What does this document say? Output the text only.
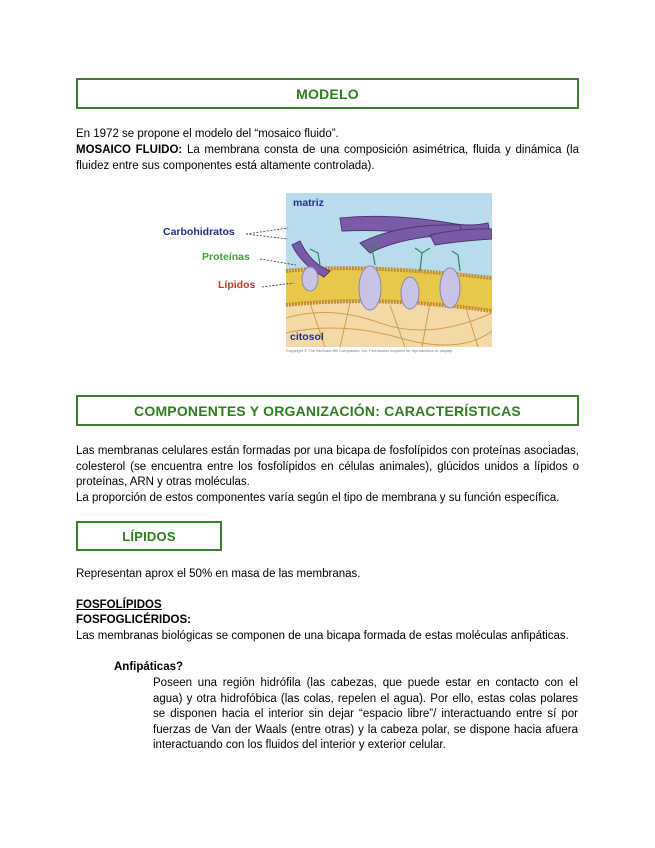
MODELO
En 1972 se propone el modelo del “mosaico fluido”.
MOSAICO FLUIDO: La membrana consta de una composición asimétrica, fluida y dinámica (la fluidez entre sus componentes está altamente controlada).
matriz
Carbohidratos
Proteínas
Lípidos
citosol
Copyright © The McGraw-Hill Companies, Inc. Permission required for reproduction or display.
COMPONENTES Y ORGANIZACIÓN: CARACTERÍSTICAS
Las membranas celulares están formadas por una bicapa de fosfolípidos con proteínas asociadas, colesterol (se encuentra entre los fosfolípidos en células animales), glúcidos unidos a lípidos o proteínas, ARN y otras moléculas.
La proporción de estos componentes varía según el tipo de membrana y su función específica.
LÍPIDOS
Representan aprox el 50% en masa de las membranas.
FOSFOLÍPIDOS
FOSFOGLICÉRIDOS:
Las membranas biológicas se componen de una bicapa formada de estas moléculas anfipáticas.
Anfipáticas?
Poseen una región hidrófila (las cabezas, que puede estar en contacto con el agua) y otra hidrofóbica (las colas, repelen el agua). Por ello, estas colas polares se disponen hacia el interior sin dejar “espacio libre”/ interactuando entre sí por fuerzas de Van der Waals (entre otras) y la cabeza polar, se dispone hacia afuera interactuando con los fluidos del interior y exterior celular.
